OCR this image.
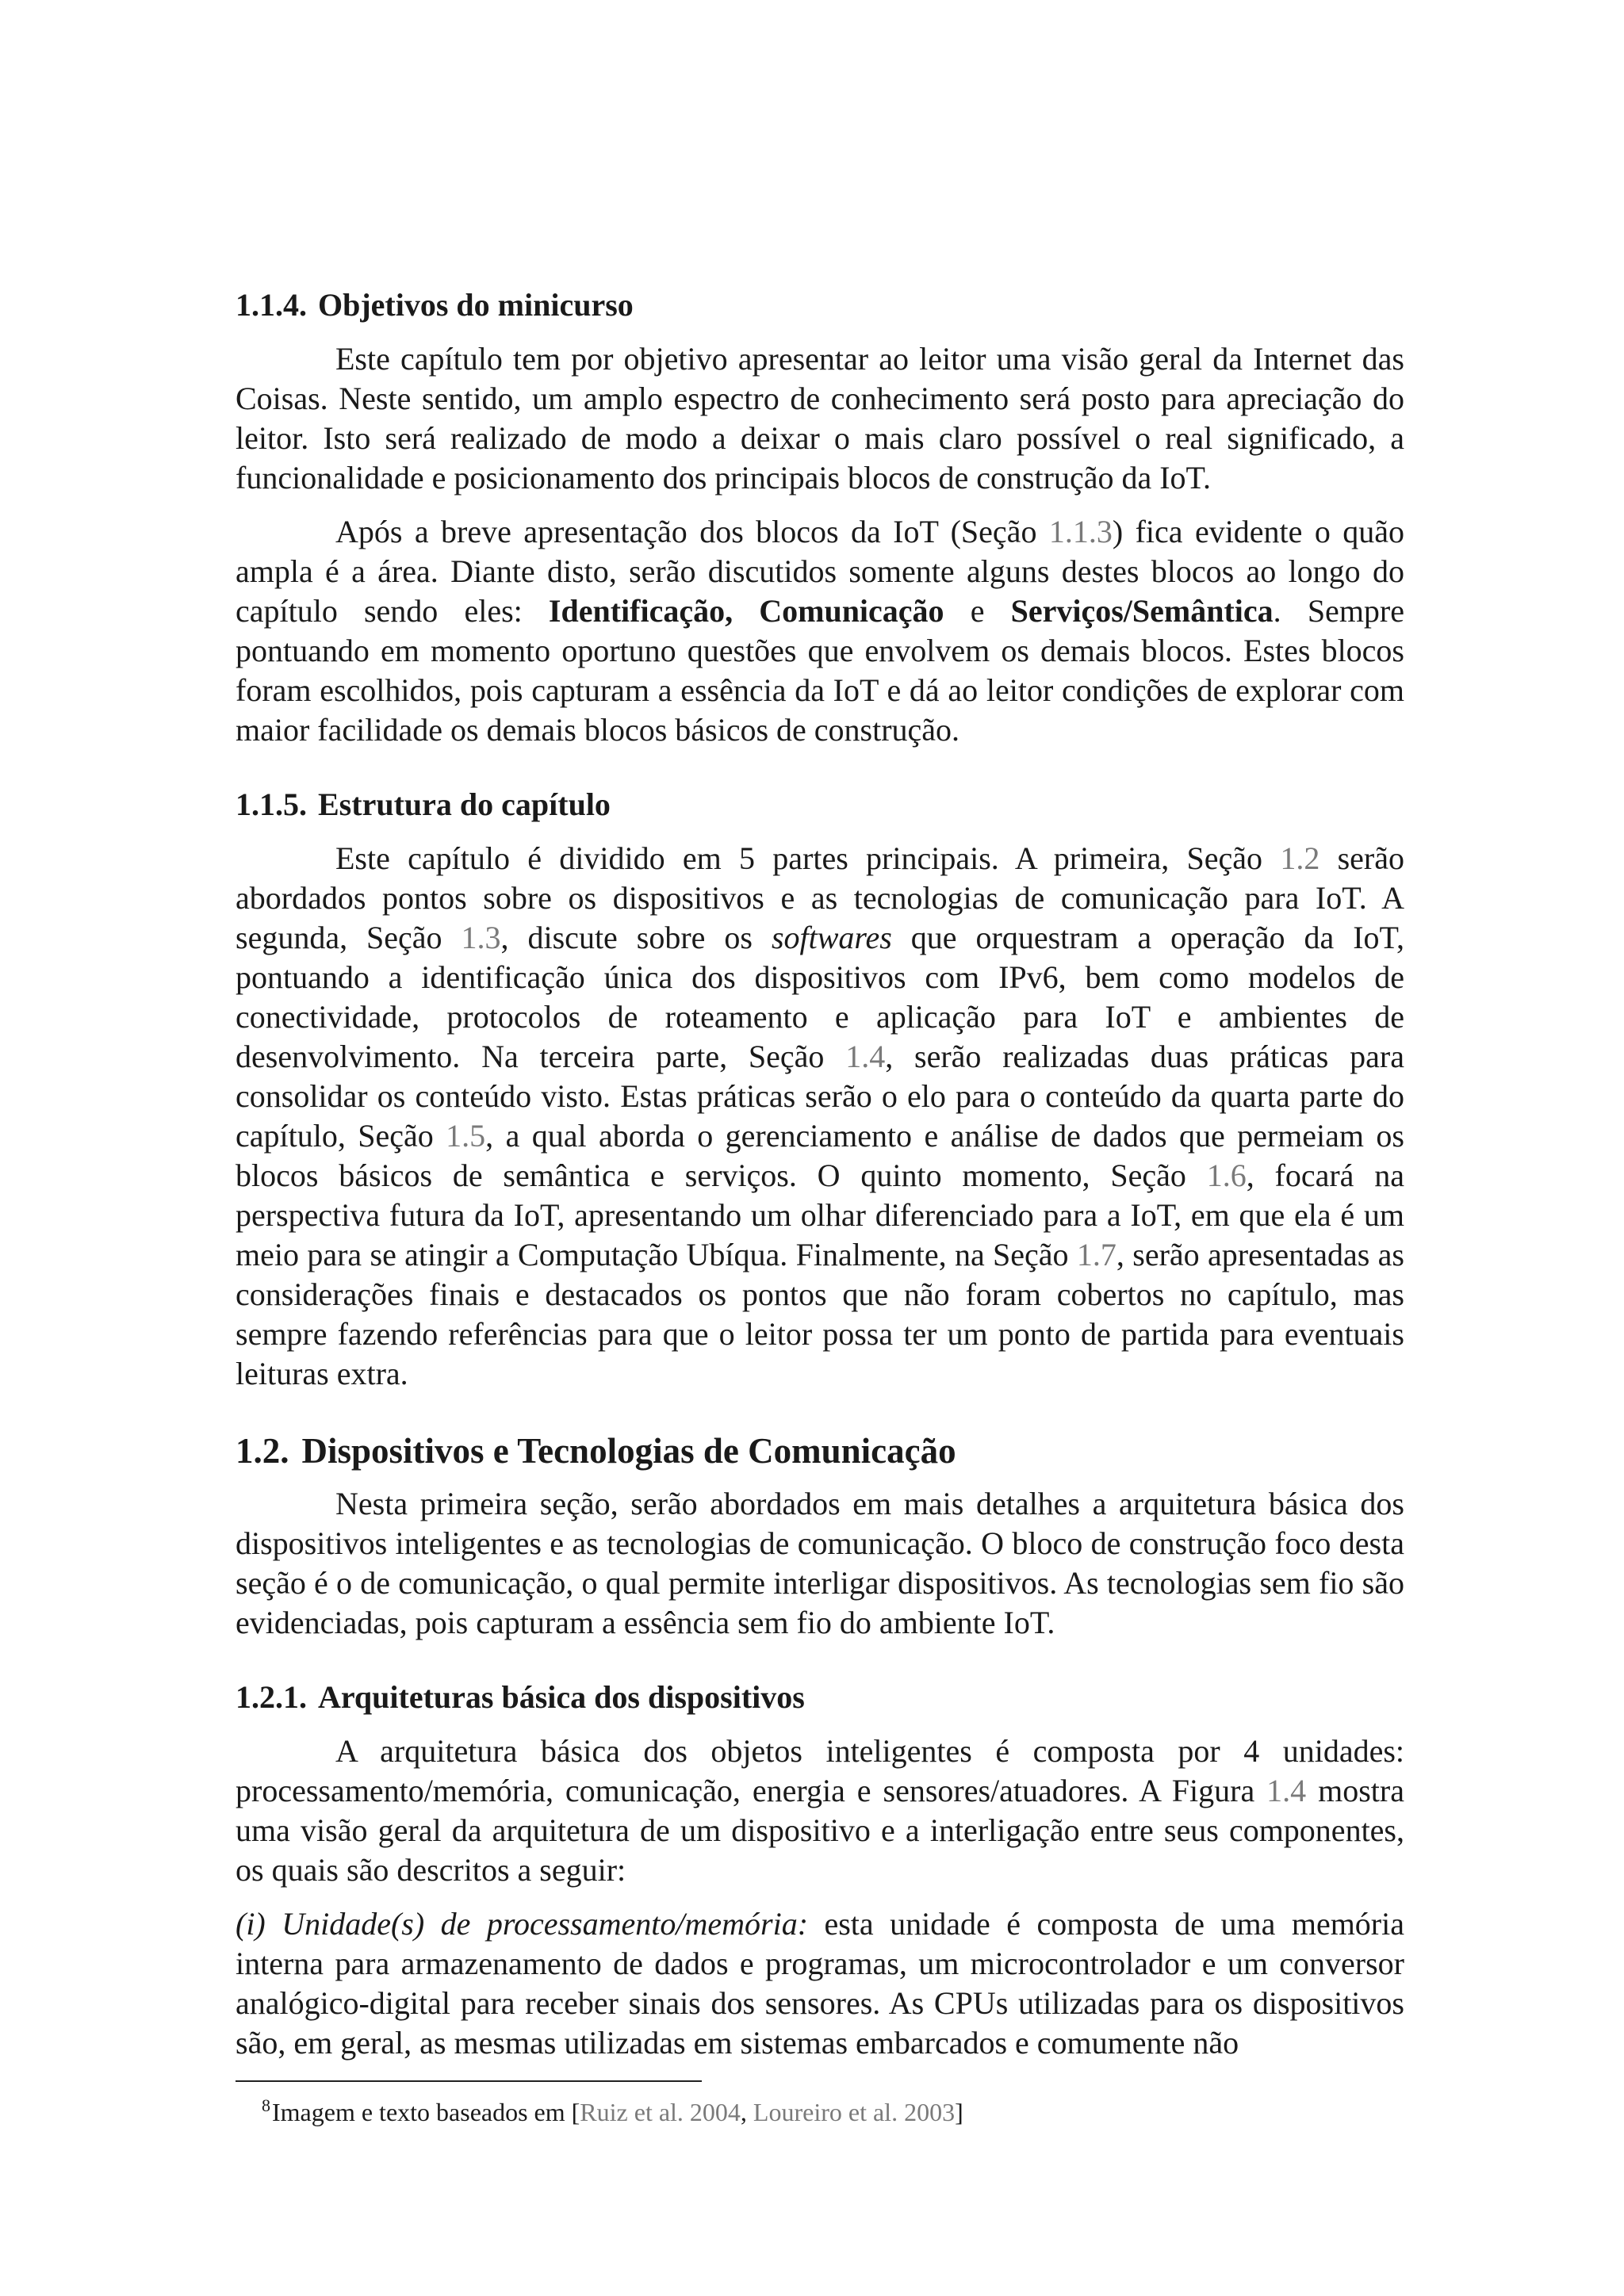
1.1.4. Objetivos do minicurso

Este capítulo tem por objetivo apresentar ao leitor uma visão geral da Internet das Coisas. Neste sentido, um amplo espectro de conhecimento será posto para apreciação do leitor. Isto será realizado de modo a deixar o mais claro possível o real significado, a funcionalidade e posicionamento dos principais blocos de construção da IoT.

Após a breve apresentação dos blocos da IoT (Seção 1.1.3) fica evidente o quão ampla é a área. Diante disto, serão discutidos somente alguns destes blocos ao longo do capítulo sendo eles: Identificação, Comunicação e Serviços/Semântica. Sempre pontuando em momento oportuno questões que envolvem os demais blocos. Estes blocos foram escolhidos, pois capturam a essência da IoT e dá ao leitor condições de explorar com maior facilidade os demais blocos básicos de construção.

1.1.5. Estrutura do capítulo

Este capítulo é dividido em 5 partes principais. A primeira, Seção 1.2 serão abordados pontos sobre os dispositivos e as tecnologias de comunicação para IoT. A segunda, Seção 1.3, discute sobre os softwares que orquestram a operação da IoT, pontuando a identificação única dos dispositivos com IPv6, bem como modelos de conectividade, protocolos de roteamento e aplicação para IoT e ambientes de desenvolvimento. Na terceira parte, Seção 1.4, serão realizadas duas práticas para consolidar os conteúdo visto. Estas práticas serão o elo para o conteúdo da quarta parte do capítulo, Seção 1.5, a qual aborda o gerenciamento e análise de dados que permeiam os blocos básicos de semântica e serviços. O quinto momento, Seção 1.6, focará na perspectiva futura da IoT, apresentando um olhar diferenciado para a IoT, em que ela é um meio para se atingir a Computação Ubíqua. Finalmente, na Seção 1.7, serão apresentadas as considerações finais e destacados os pontos que não foram cobertos no capítulo, mas sempre fazendo referências para que o leitor possa ter um ponto de partida para eventuais leituras extra.

1.2. Dispositivos e Tecnologias de Comunicação

Nesta primeira seção, serão abordados em mais detalhes a arquitetura básica dos dispositivos inteligentes e as tecnologias de comunicação. O bloco de construção foco desta seção é o de comunicação, o qual permite interligar dispositivos. As tecnologias sem fio são evidenciadas, pois capturam a essência sem fio do ambiente IoT.

1.2.1. Arquiteturas básica dos dispositivos

A arquitetura básica dos objetos inteligentes é composta por 4 unidades: processamento/memória, comunicação, energia e sensores/atuadores. A Figura 1.4 mostra uma visão geral da arquitetura de um dispositivo e a interligação entre seus componentes, os quais são descritos a seguir:

(i) Unidade(s) de processamento/memória: esta unidade é composta de uma memória interna para armazenamento de dados e programas, um microcontrolador e um conversor analógico-digital para receber sinais dos sensores. As CPUs utilizadas para os dispositivos são, em geral, as mesmas utilizadas em sistemas embarcados e comumente não

$^8$Imagem e texto baseados em [Ruiz et al. 2004, Loureiro et al. 2003]
